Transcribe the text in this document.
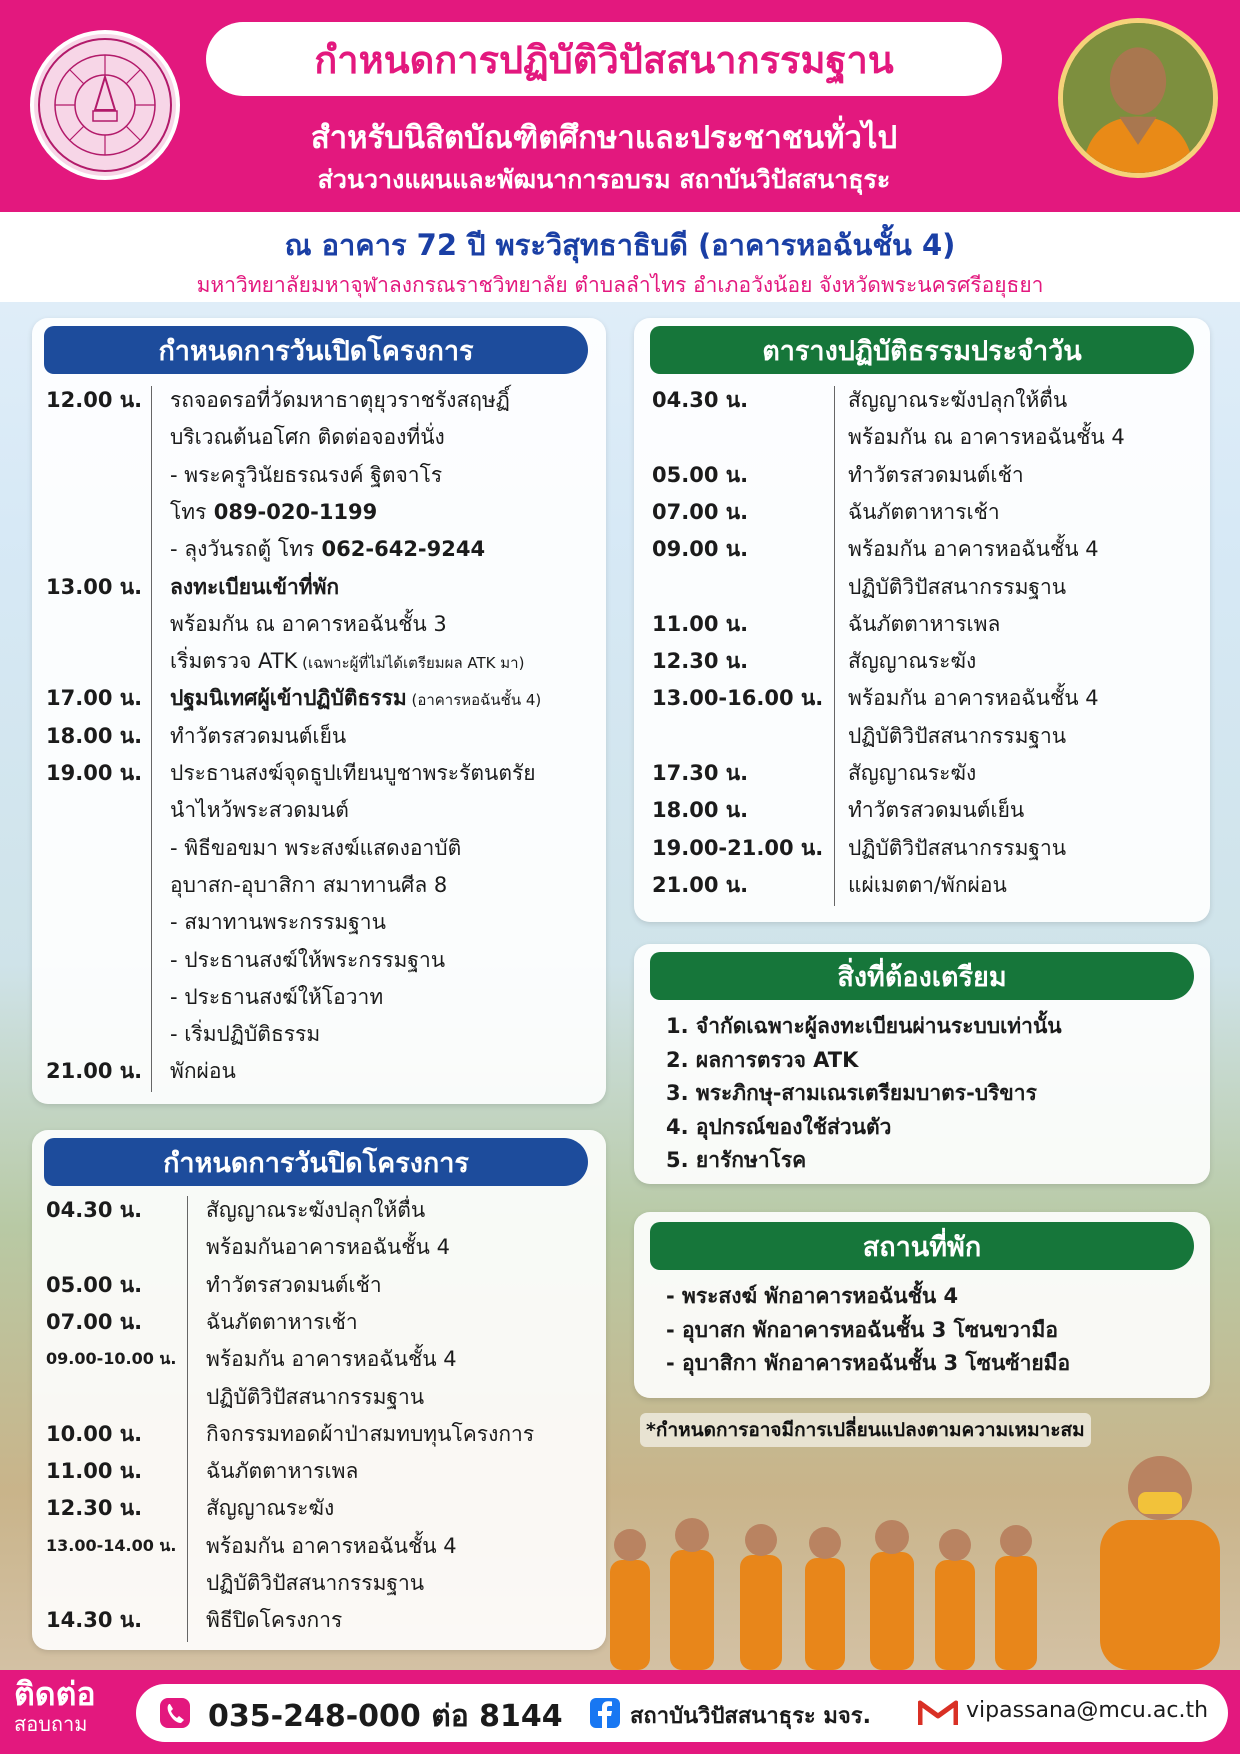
กำหนดการปฏิบัติวิปัสสนากรรมฐาน
สำหรับนิสิตบัณฑิตศึกษาและประชาชนทั่วไป
ส่วนวางแผนและพัฒนาการอบรม สถาบันวิปัสสนาธุระ
ณ อาคาร 72 ปี พระวิสุทธาธิบดี (อาคารหอฉันชั้น 4)
มหาวิทยาลัยมหาจุฬาลงกรณราชวิทยาลัย ตำบลลำไทร อำเภอวังน้อย จังหวัดพระนครศรีอยุธยา
กำหนดการวันเปิดโครงการ
12.00 น. รถจอดรอที่วัดมหาธาตุยุวราชรังสฤษฏิ์
บริเวณต้นอโศก ติดต่อจองที่นั่ง
- พระครูวินัยธรณรงค์ ฐิตจาโร
โทร 089-020-1199
- ลุงวันรถตู้ โทร 062-642-9244
13.00 น. ลงทะเบียนเข้าที่พัก
พร้อมกัน ณ อาคารหอฉันชั้น 3
เริ่มตรวจ ATK (เฉพาะผู้ที่ไม่ได้เตรียมผล ATK มา)
17.00 น. ปฐมนิเทศผู้เข้าปฏิบัติธรรม (อาคารหอฉันชั้น 4)
18.00 น. ทำวัตรสวดมนต์เย็น
19.00 น. ประธานสงฆ์จุดธูปเทียนบูชาพระรัตนตรัย
นำไหว้พระสวดมนต์
- พิธีขอขมา พระสงฆ์แสดงอาบัติ
อุบาสก-อุบาสิกา สมาทานศีล 8
- สมาทานพระกรรมฐาน
- ประธานสงฆ์ให้พระกรรมฐาน
- ประธานสงฆ์ให้โอวาท
- เริ่มปฏิบัติธรรม
21.00 น. พักผ่อน
กำหนดการวันปิดโครงการ
04.30 น.	สัญญาณระฆังปลุกให้ตื่น
พร้อมกันอาคารหอฉันชั้น 4
05.00 น.	ทำวัตรสวดมนต์เช้า
07.00 น.	ฉันภัตตาหารเช้า
09.00-10.00 น. พร้อมกัน อาคารหอฉันชั้น 4
ปฏิบัติวิปัสสนากรรมฐาน
10.00 น.	กิจกรรมทอดผ้าป่าสมทบทุนโครงการ
11.00 น.	ฉันภัตตาหารเพล
12.30 น.	สัญญาณระฆัง
13.00-14.00 น. พร้อมกัน อาคารหอฉันชั้น 4
ปฏิบัติวิปัสสนากรรมฐาน
14.30 น.	พิธีปิดโครงการ
ตารางปฏิบัติธรรมประจำวัน
04.30 น.	สัญญาณระฆังปลุกให้ตื่น
พร้อมกัน ณ อาคารหอฉันชั้น 4
05.00 น.	ทำวัตรสวดมนต์เช้า
07.00 น.	ฉันภัตตาหารเช้า
09.00 น.	พร้อมกัน อาคารหอฉันชั้น 4
ปฏิบัติวิปัสสนากรรมฐาน
11.00 น.	ฉันภัตตาหารเพล
12.30 น.	สัญญาณระฆัง
13.00-16.00 น. พร้อมกัน อาคารหอฉันชั้น 4
ปฏิบัติวิปัสสนากรรมฐาน
17.30 น.	สัญญาณระฆัง
18.00 น.	ทำวัตรสวดมนต์เย็น
19.00-21.00 น. ปฏิบัติวิปัสสนากรรมฐาน
21.00 น.	แผ่เมตตา/พักผ่อน
สิ่งที่ต้องเตรียม
1. จำกัดเฉพาะผู้ลงทะเบียนผ่านระบบเท่านั้น
2. ผลการตรวจ ATK
3. พระภิกษุ-สามเณรเตรียมบาตร-บริขาร
4. อุปกรณ์ของใช้ส่วนตัว
5. ยารักษาโรค
สถานที่พัก
- พระสงฆ์ พักอาคารหอฉันชั้น 4
- อุบาสก พักอาคารหอฉันชั้น 3 โซนขวามือ
- อุบาสิกา พักอาคารหอฉันชั้น 3 โซนซ้ายมือ
*กำหนดการอาจมีการเปลี่ยนแปลงตามความเหมาะสม
ติดต่อ
สอบถาม	035-248-000 ต่อ 8144	สถาบันวิปัสสนาธุระ มจร.	vipassana@mcu.ac.th
